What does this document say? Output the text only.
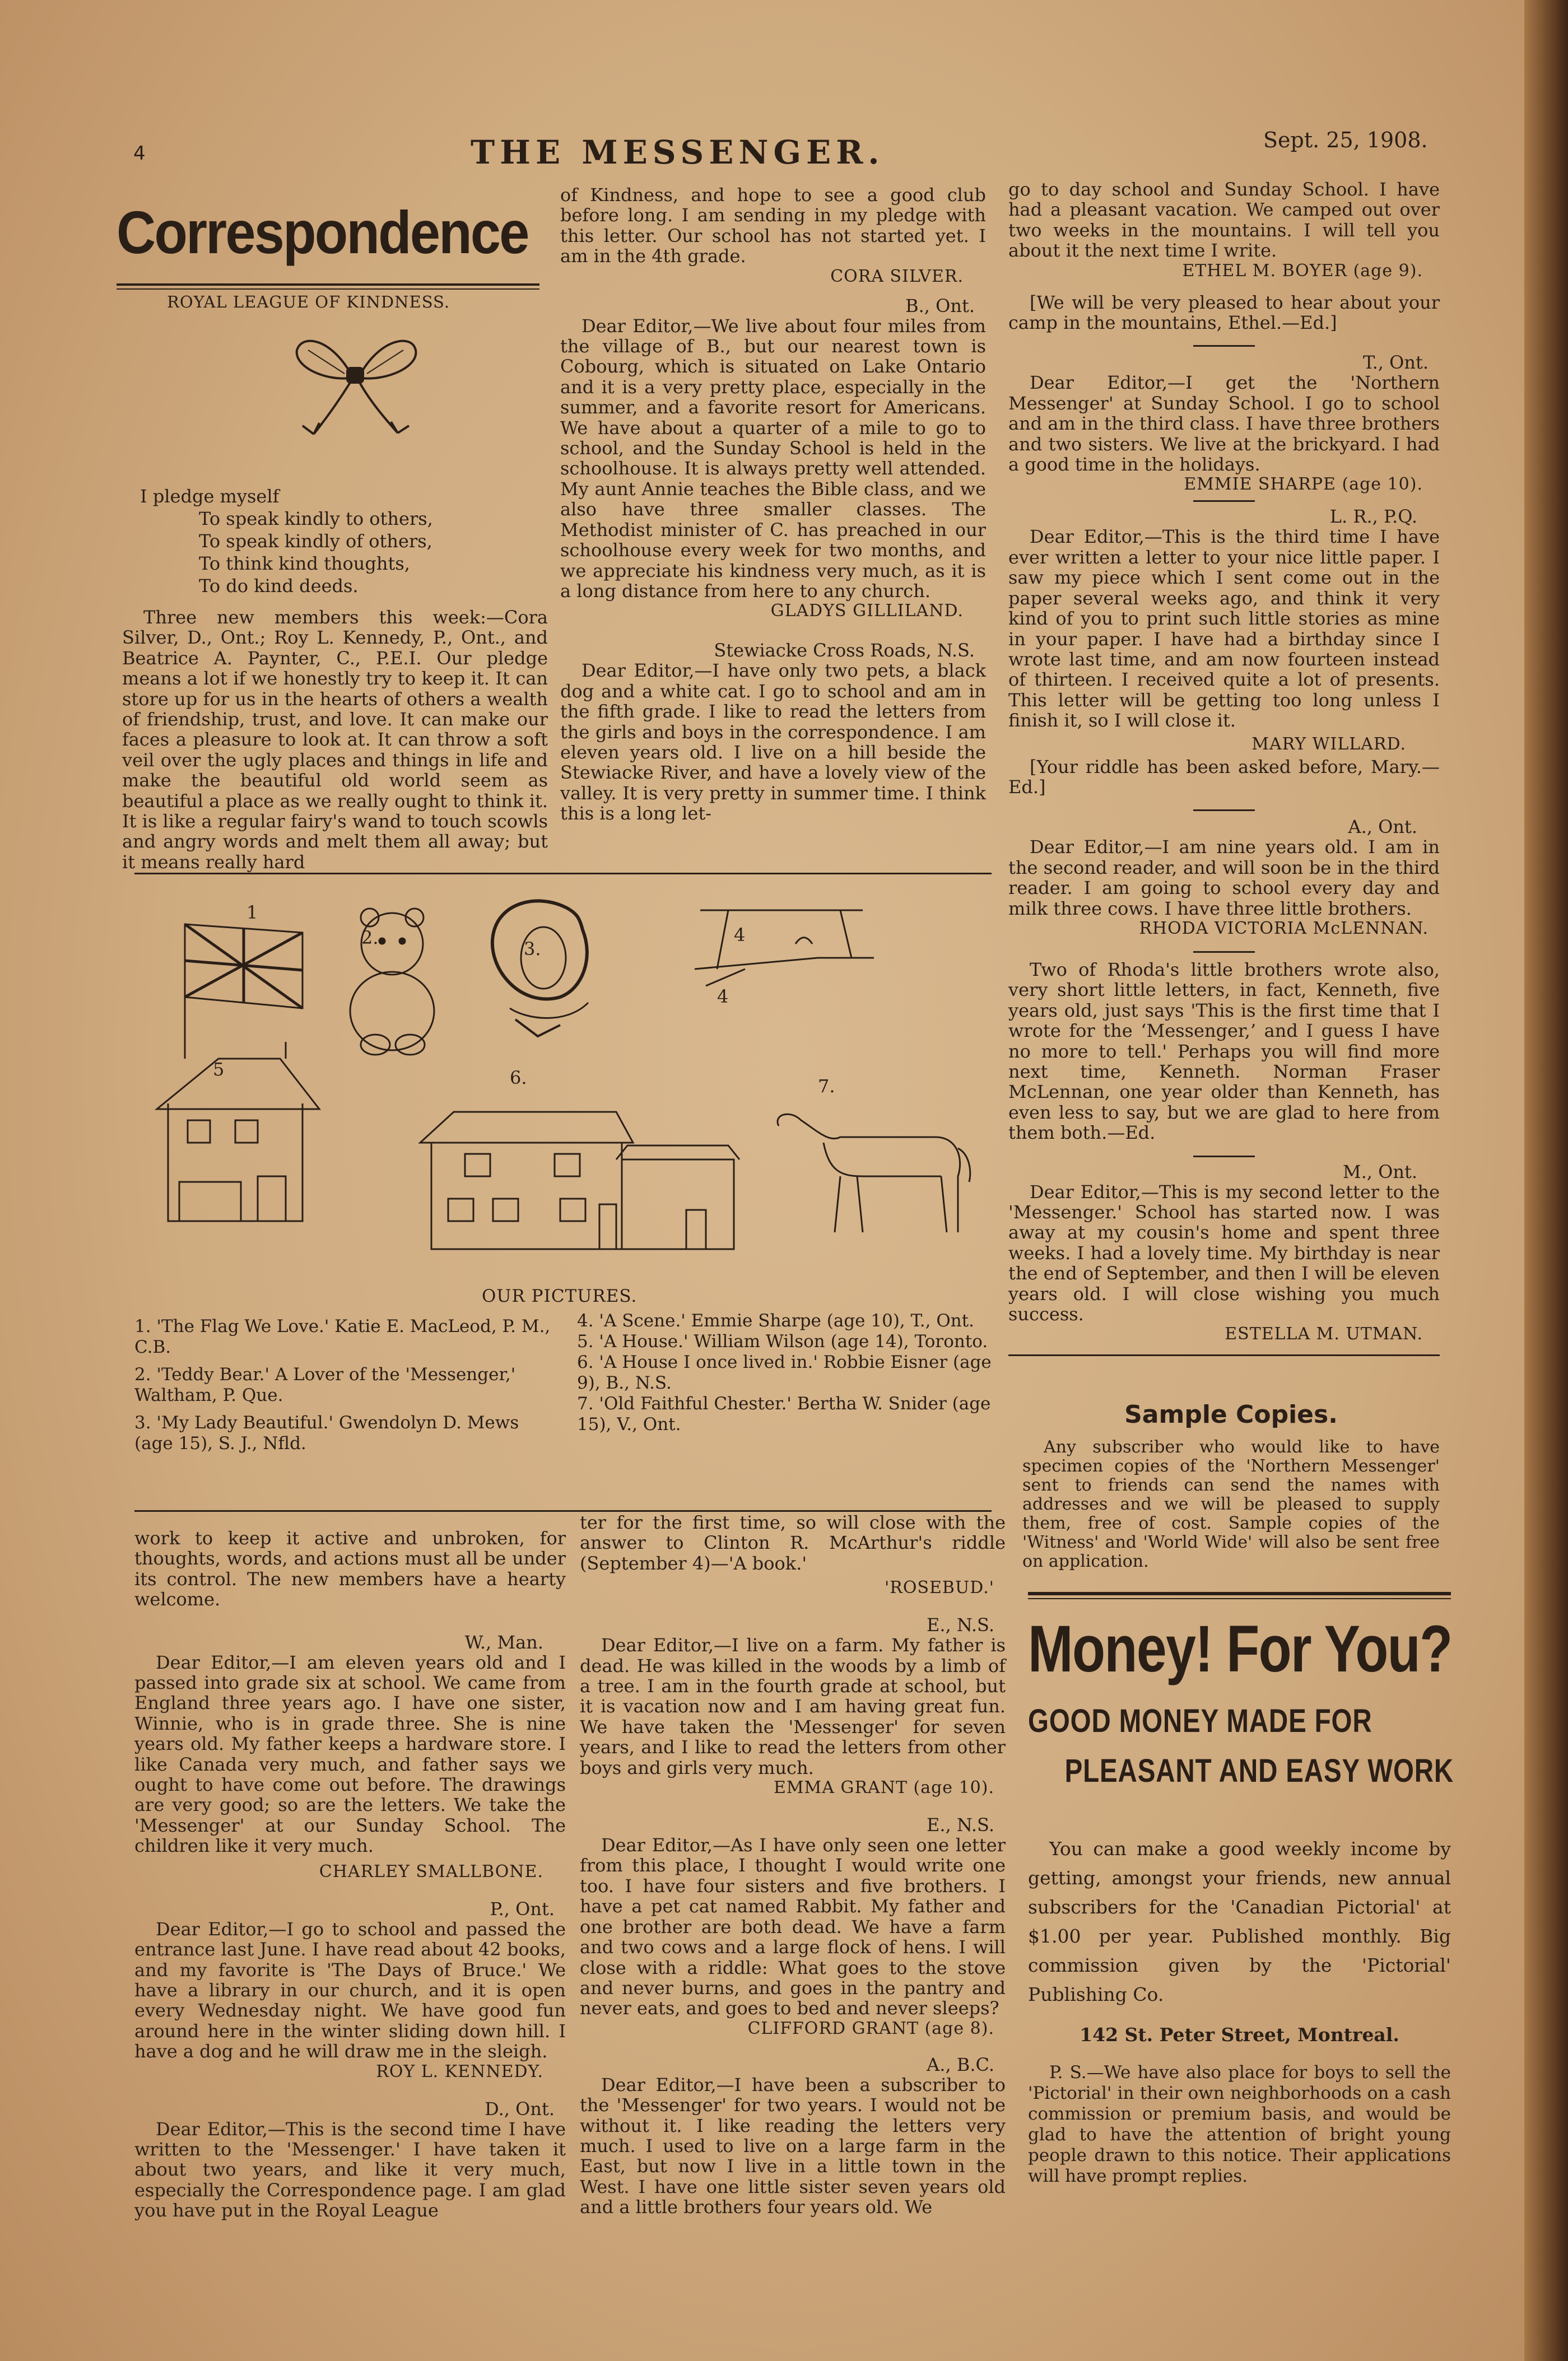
4	THE MESSENGER.	Sept. 25, 1908.
Correspondence
ROYAL LEAGUE OF KINDNESS.
I pledge myself
To speak kindly to others,
To speak kindly of others,
To think kind thoughts,
To do kind deeds.

Three new members this week:—Cora Silver, D., Ont.; Roy L. Kennedy, P., Ont., and Beatrice A. Paynter, C., P.E.I. Our pledge means a lot if we honestly try to keep it. It can store up for us in the hearts of others a wealth of friendship, trust, and love. It can make our faces a pleasure to look at. It can throw a soft veil over the ugly places and things in life and make the beautiful old world seem as beautiful a place as we really ought to think it. It is like a regular fairy's wand to touch scowls and angry words and melt them all away; but it means really hard

of Kindness, and hope to see a good club before long. I am sending in my pledge with this letter. Our school has not started yet. I am in the 4th grade.

CORA SILVER.
B., Ont.

Dear Editor,—We live about four miles from the village of B., but our nearest town is Cobourg, which is situated on Lake Ontario and it is a very pretty place, especially in the summer, and a favorite resort for Americans. We have about a quarter of a mile to go to school, and the Sunday School is held in the schoolhouse. It is always pretty well attended. My aunt Annie teaches the Bible class, and we also have three smaller classes. The Methodist minister of C. has preached in our schoolhouse every week for two months, and we appreciate his kindness very much, as it is a long distance from here to any church.

GLADYS GILLILAND.
Stewiacke Cross Roads, N.S.

Dear Editor,—I have only two pets, a black dog and a white cat. I go to school and am in the fifth grade. I like to read the letters from the girls and boys in the correspondence. I am eleven years old. I live on a hill beside the Stewiacke River, and have a lovely view of the valley. It is very pretty in summer time. I think this is a long let-

go to day school and Sunday School. I have had a pleasant vacation. We camped out over two weeks in the mountains. I will tell you about it the next time I write.

ETHEL M. BOYER (age 9).

[We will be very pleased to hear about your camp in the mountains, Ethel.—Ed.]

T., Ont.

Dear Editor,—I get the 'Northern Messenger' at Sunday School. I go to school and am in the third class. I have three brothers and two sisters. We live at the brickyard. I had a good time in the holidays.

EMMIE SHARPE (age 10).
L. R., P.Q.

Dear Editor,—This is the third time I have ever written a letter to your nice little paper. I saw my piece which I sent come out in the paper several weeks ago, and think it very kind of you to print such little stories as mine in your paper. I have had a birthday since I wrote last time, and am now fourteen instead of thirteen. I received quite a lot of presents. This letter will be getting too long unless I finish it, so I will close it.

MARY WILLARD.

[Your riddle has been asked before, Mary.—Ed.]

A., Ont.

Dear Editor,—I am nine years old. I am in the second reader, and will soon be in the third reader. I am going to school every day and milk three cows. I have three little brothers.

RHODA VICTORIA McLENNAN.

Two of Rhoda's little brothers wrote also, very short little letters, in fact, Kenneth, five years old, just says 'This is the first time that I wrote for the ‘Messenger,’ and I guess I have no more to tell.' Perhaps you will find more next time, Kenneth. Norman Fraser McLennan, one year older than Kenneth, has even less to say, but we are glad to here from them both.—Ed.

M., Ont.

Dear Editor,—This is my second letter to the 'Messenger.' School has started now. I was away at my cousin's home and spent three weeks. I had a lovely time. My birthday is near the end of September, and then I will be eleven years old. I will close wishing you much success.

ESTELLA M. UTMAN.
1
2.
3.
4
4
5	6.	7.
OUR PICTURES.

1. 'The Flag We Love.' Katie E. MacLeod, P. M., C.B.

2. 'Teddy Bear.' A Lover of the 'Messenger,' Waltham, P. Que.

3. 'My Lady Beautiful.' Gwendolyn D. Mews (age 15), S. J., Nfld.

4. 'A Scene.' Emmie Sharpe (age 10), T., Ont.

5. 'A House.' William Wilson (age 14), Toronto.

6. 'A House I once lived in.' Robbie Eisner (age 9), B., N.S.

7. 'Old Faithful Chester.' Bertha W. Snider (age 15), V., Ont.	Sample Copies.

Any subscriber who would like to have specimen copies of the 'Northern Messenger' sent to friends can send the names with addresses and we will be pleased to supply them, free of cost. Sample copies of the 'Witness' and 'World Wide' will also be sent free on application.

work to keep it active and unbroken, for thoughts, words, and actions must all be under its control. The new members have a hearty welcome.

W., Man.

Dear Editor,—I am eleven years old and I passed into grade six at school. We came from England three years ago. I have one sister, Winnie, who is in grade three. She is nine years old. My father keeps a hardware store. I like Canada very much, and father says we ought to have come out before. The drawings are very good; so are the letters. We take the 'Messenger' at our Sunday School. The children like it very much.

CHARLEY SMALLBONE.
P., Ont.

Dear Editor,—I go to school and passed the entrance last June. I have read about 42 books, and my favorite is 'The Days of Bruce.' We have a library in our church, and it is open every Wednesday night. We have good fun around here in the winter sliding down hill. I have a dog and he will draw me in the sleigh.

ROY L. KENNEDY.
D., Ont.

Dear Editor,—This is the second time I have written to the 'Messenger.' I have taken it about two years, and like it very much, especially the Correspondence page. I am glad you have put in the Royal League

ter for the first time, so will close with the answer to Clinton R. McArthur's riddle (September 4)—'A book.'

'ROSEBUD.'
E., N.S.

Dear Editor,—I live on a farm. My father is dead. He was killed in the woods by a limb of a tree. I am in the fourth grade at school, but it is vacation now and I am having great fun. We have taken the 'Messenger' for seven years, and I like to read the letters from other boys and girls very much.

EMMA GRANT (age 10).
E., N.S.

Dear Editor,—As I have only seen one letter from this place, I thought I would write one too. I have four sisters and five brothers. I have a pet cat named Rabbit. My father and one brother are both dead. We have a farm and two cows and a large flock of hens. I will close with a riddle: What goes to the stove and never burns, and goes in the pantry and never eats, and goes to bed and never sleeps?

CLIFFORD GRANT (age 8).
A., B.C.

Dear Editor,—I have been a subscriber to the 'Messenger' for two years. I would not be without it. I like reading the letters very much. I used to live on a large farm in the East, but now I live in a little town in the West. I have one little sister seven years old and a little brothers four years old. We

Money! For You?
GOOD MONEY MADE FOR
PLEASANT AND EASY WORK

You can make a good weekly income by getting, amongst your friends, new annual subscribers for the 'Canadian Pictorial' at $1.00 per year. Published monthly. Big commission given by the 'Pictorial' Publishing Co.

142 St. Peter Street, Montreal.

P. S.—We have also place for boys to sell the 'Pictorial' in their own neighborhoods on a cash commission or premium basis, and would be glad to have the attention of bright young people drawn to this notice. Their applications will have prompt replies.
